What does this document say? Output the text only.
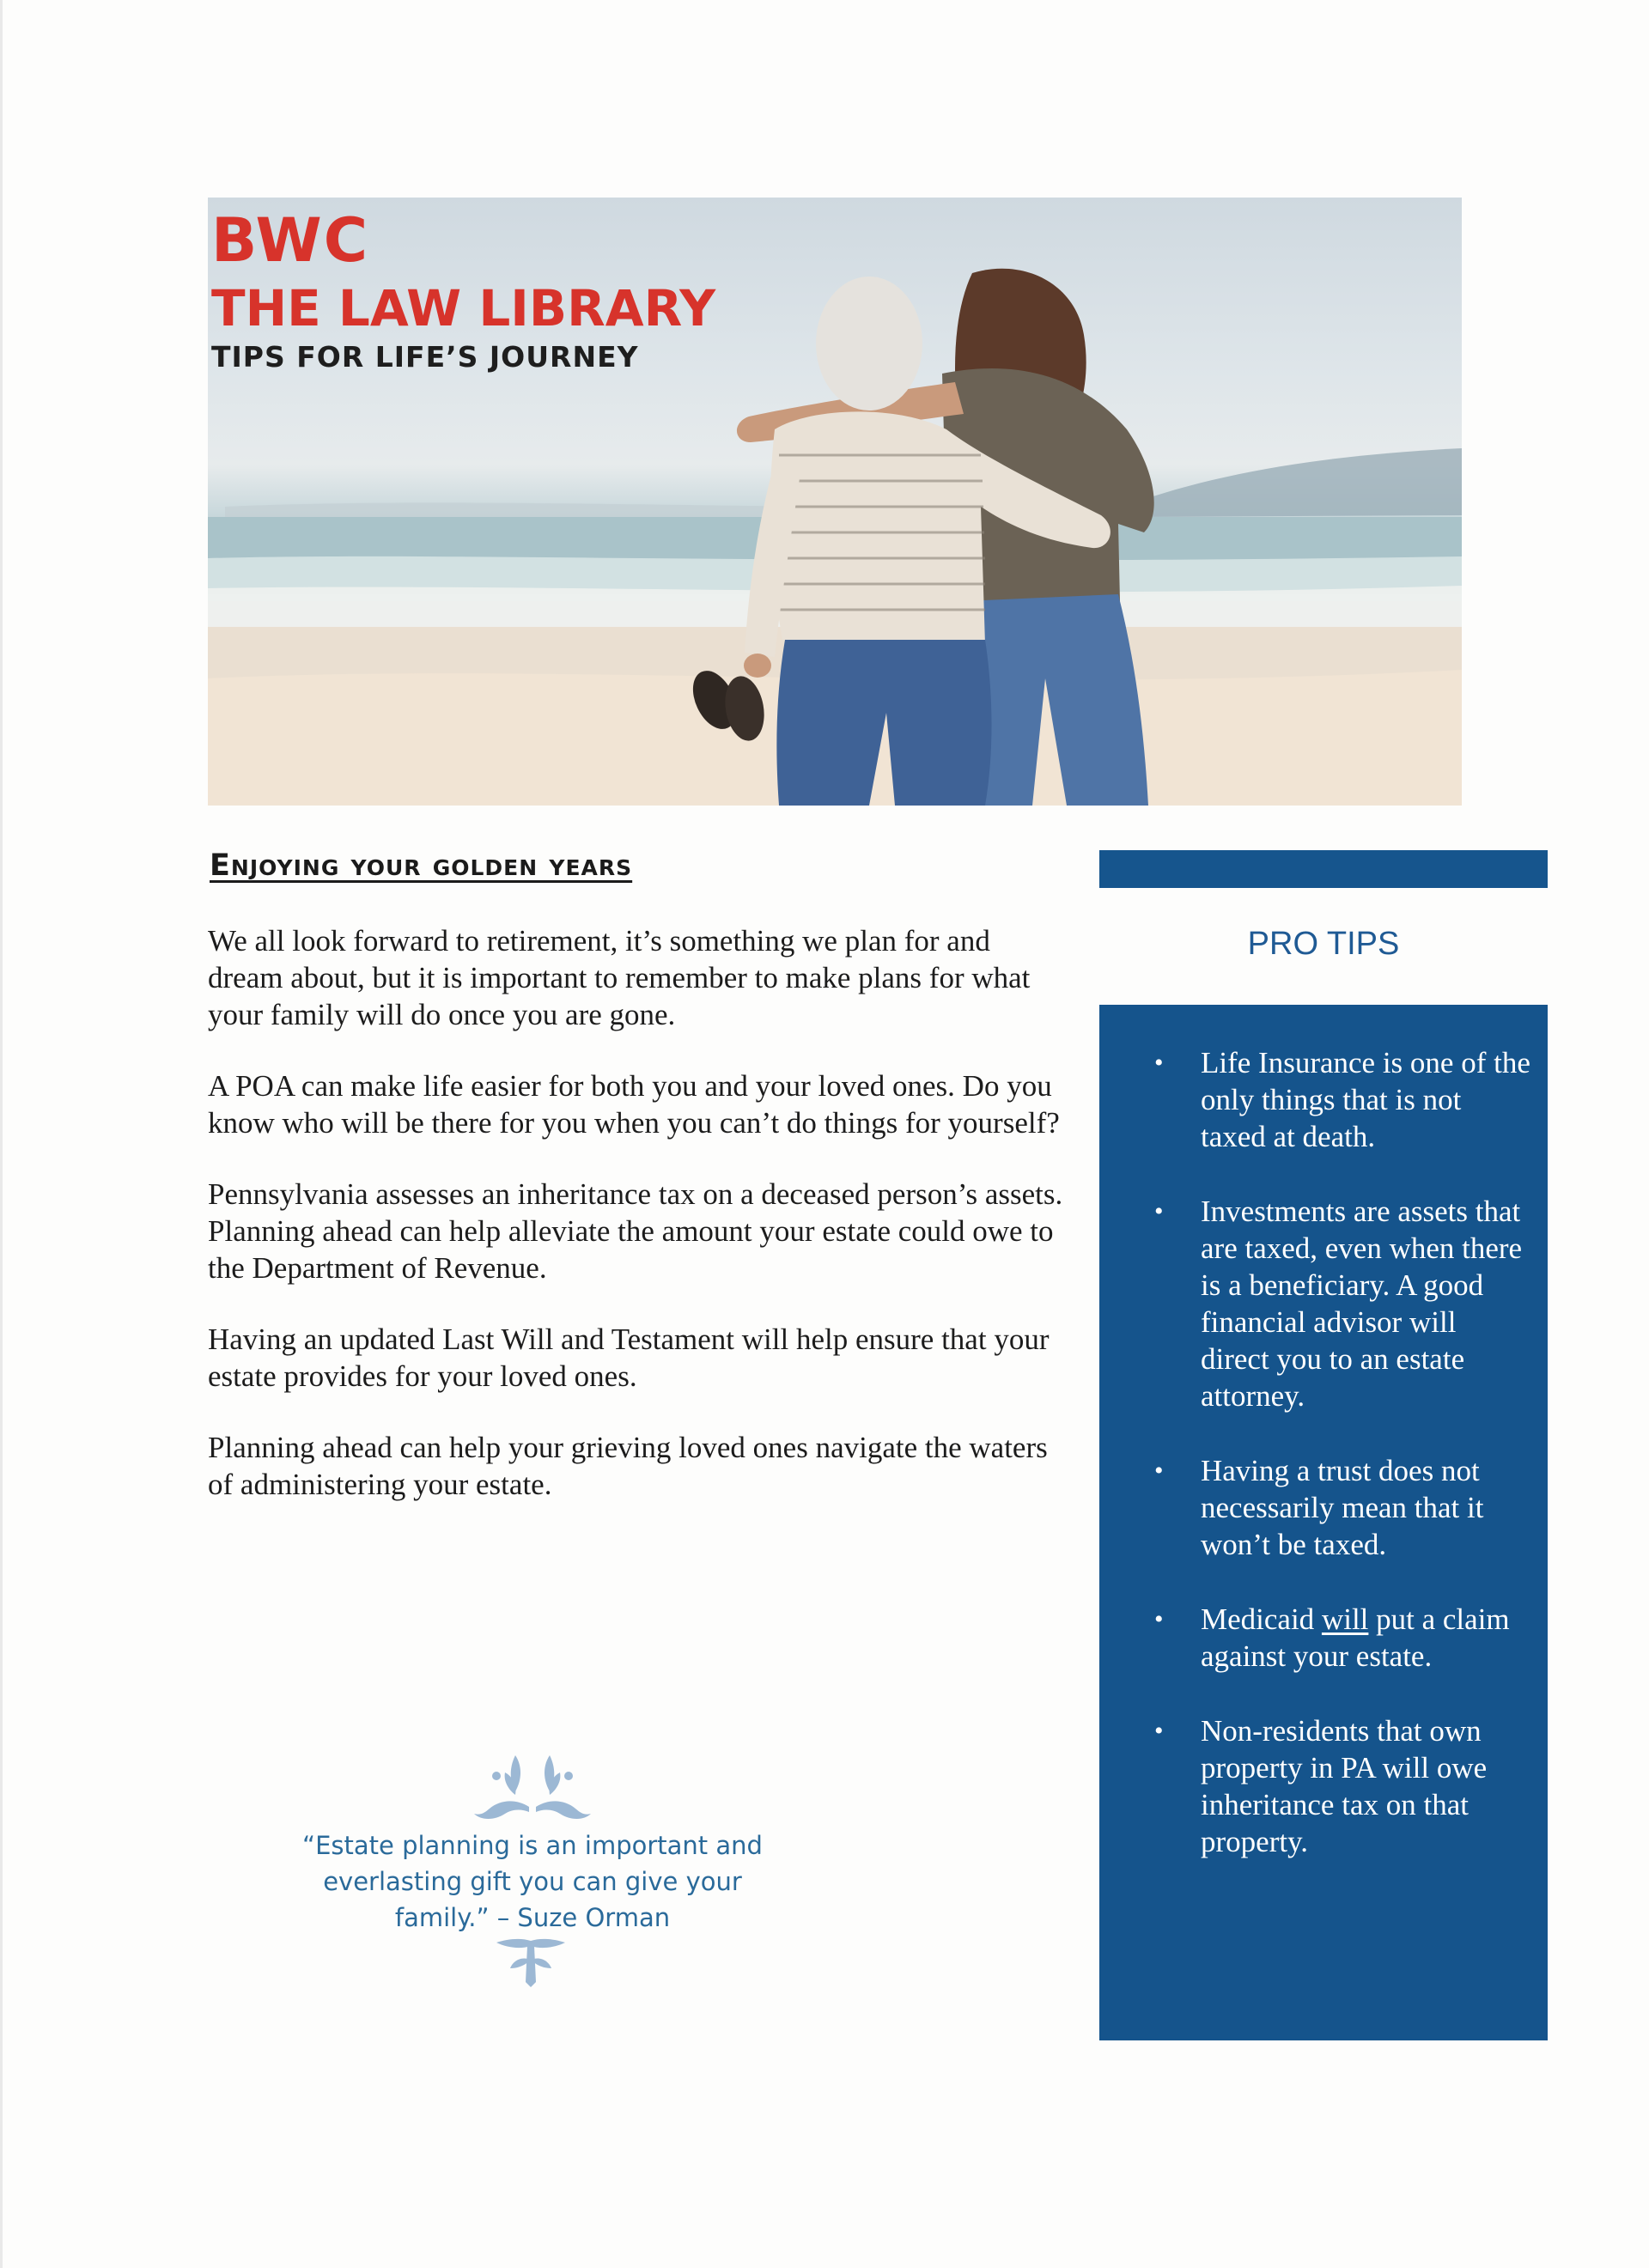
BWC
THE LAW LIBRARY
TIPS FOR LIFE’S JOURNEY
Enjoying your golden years

We all look forward to retirement, it’s something we plan for and dream about, but it is important to remember to make plans for what your family will do once you are gone.

A POA can make life easier for both you and your loved ones. Do you know who will be there for you when you can’t do things for yourself?

Pennsylvania assesses an inheritance tax on a deceased person’s assets. Planning ahead can help alleviate the amount your estate could owe to the Department of Revenue.

Having an updated Last Will and Testament will help ensure that your estate provides for your loved ones.

Planning ahead can help your grieving loved ones navigate the waters of administering your estate.

PRO TIPS
• Life Insurance is one of the only things that is not taxed at death.
• Investments are assets that are taxed, even when there is a beneficiary. A good financial advisor will direct you to an estate attorney.
• Having a trust does not necessarily mean that it won’t be taxed.
• Medicaid will put a claim against your estate.
• Non-residents that own property in PA will owe inheritance tax on that property.
“Estate planning is an important and everlasting gift you can give your family.” – Suze Orman
